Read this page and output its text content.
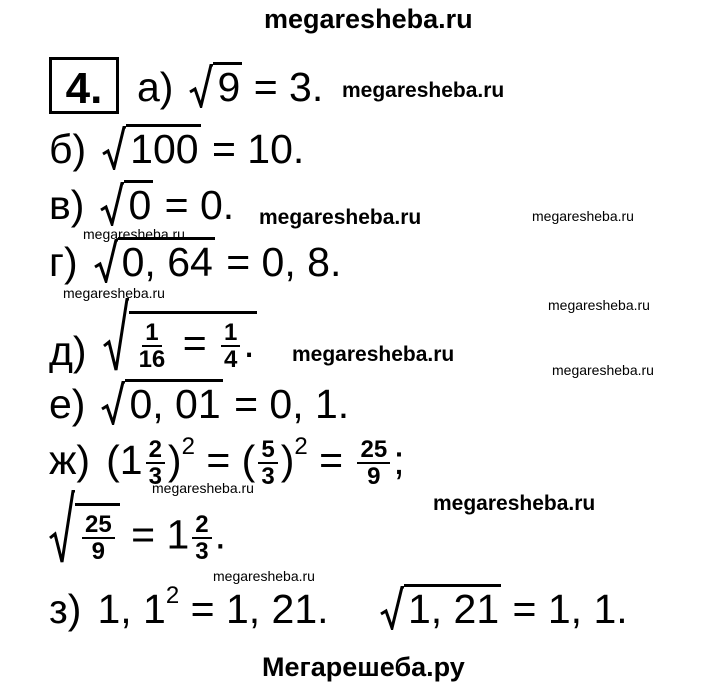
megaresheba.ru
4. а) 9 = 3. megaresheba.ru
б) 100 = 10.
в) 0 = 0. megaresheba.ru	megaresheba.ru
megaresheba.ru
г) 0, 64 = 0, 8.
megaresheba.ru
megaresheba.ru
$д) \frac{1}{16} = \frac{1}{4}$ . megaresheba.ru
megaresheba.ru
е) 0, 01 = 0, 1.
ж) $(1 \frac{2}{3} )^2$ = ( $\frac{5}{3} )^2 = \frac{25}{9}$ ;
megaresheba.ru
megaresheba.ru
$\frac{25}{9} = 1 \frac{2}{3}$ .
megaresheba.ru
з) 1, $1^2 = 1$, 21. 1, 21 = 1, 1.
Мегарешеба.ру
